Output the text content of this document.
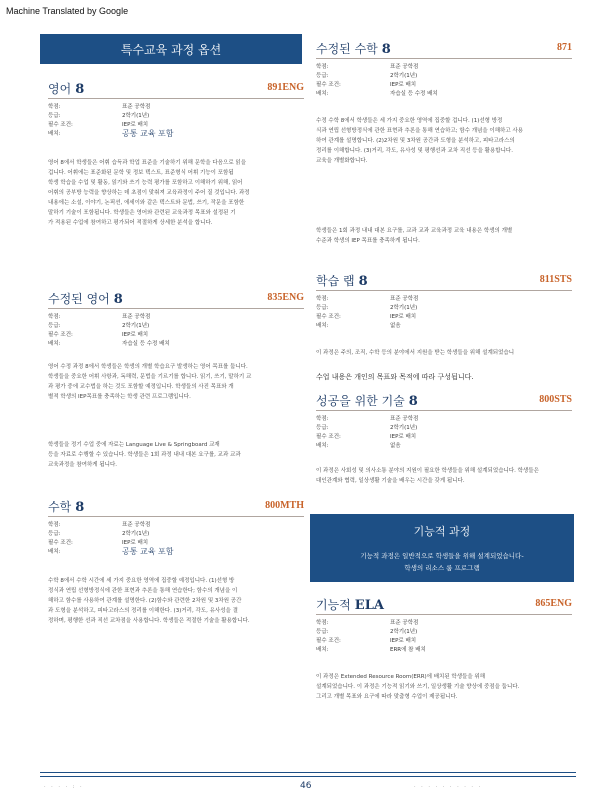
Machine Translated by Google
특수교육 과정 옵션
영어 8	891ENG
학점:	표준 공학점
등급:	2학기(1년)
필수 조건:	IEP로 배치
배치:	공통 교육 포함

영어 8에서 학생들은 어휘 습득과 학업 표준을 기술하기 위해 문학을 다음으로 읽을

겁니다. 어휘에는 표준화된 문학 및 정보 텍스트, 표준형식 어휘 기능이 포함됩

학생 학습을 수업 및 활동, 읽기와 쓰기 능력 평가를 포함하고 이해하기 위해, 읽어

어휘의 공부방 능력을 향상하는 데 초점이 맞춰져 교육과정이 주어 질 것입니다. 과정

내용에는 소설, 이야기, 논픽션, 에세이와 같은 텍스트와 문법, 쓰기, 작문을 포함한

말하기 기술이 포함됩니다. 학생들은 영어와 관련된 교육과정 목표와 설정된 기

가 적용된 수업에 참여하고 평가되어 적절하게 상세한 분석을 합니다.

수정된 영어 8	835ENG
학점:	표준 공학점
등급:	2학기(1년)
필수 조건:	IEP로 배치
배치:	자습실 등 수정 배치

영어 수정 과정 8에서 학생들은 학생의 개별 학습요구 발생하는 영어 목표를 둡니다.

학생들을 중요한 어휘 사항과, 독해력, 문법을 기르기를 합니다. 읽기, 쓰기, 말하기 교

과 평가 중에 교수법을 하는 것도 포함할 예정입니다. 학생들의 사진 목표와 개

별적 학생의 IEP목표를 충족하는 학생 관련 프로그램입니다.

학생들을 정기 수업 중에 자료는 Language Live & Springboard 교재

등을 자료로 수행할 수 있습니다. 학생들은 1회 과정 내내 대본 요구를, 교과 교과

교육과정을 참여하게 됩니다.

수학 8	800MTH
학점:	표준 공학점
등급:	2학기(1년)
필수 조건:	IEP로 배치
배치:	공통 교육 포함

수학 8에서 수학 시간에 세 가지 중요한 영역에 집중할 예정입니다. (1)선형 방

정식과 연립 선형방정식에 관한 표현과 추론을 통해 연습한다; 함수의 개념을 이

해하고 함수를 사용하여 관계를 설명한다. (2)함수와 관련한 2차원 및 3차원 공간

과 도형을 분석하고, 피타고라스의 정리를 이해한다. (3)거리, 각도, 유사성을 결

정하며, 평행한 선과 직선 교차점을 사용합니다. 학생들은 적절한 기술을 활용합니다.

수정된 수학 8	871
학점:	표준 공학점
등급:	2학기(1년)
필수 조건:	IEP로 배치
배치:	자습실 등 수정 배치

수정 수학 8에서 학생들은 세 가지 중요한 영역에 집중할 겁니다. (1)선형 방정

식과 연립 선형방정식에 관한 표현과 추론을 통해 연습하고; 함수 개념을 이해하고 사용

하여 관계를 설명합니다. (2)2차원 및 3차원 공간과 도형을 분석하고, 피타고라스의

정리를 이해합니다. (3)거리, 각도, 유사성 및 평행선과 교차 직선 등을 활용합니다.

교육을 개별화합니다.

학생들은 1회 과정 내내 대본 요구를, 교과 교과 교육과정 교육 내용은 학생의 개별

수준과 학생의 IEP 목표를 충족하게 됩니다.

학습 랩 8	811STS
학점:	표준 공학점
등급:	2학기(1년)
필수 조건:	IEP로 배치
배치:	없음

이 과정은 주의, 조직, 수학 등의 분야에서 지원을 받는 학생들을 위해 설계되었습니

수업 내용은 개인의 목표와 목적에 따라 구성됩니다.
성공을 위한 기술 8	800STS
학점:	표준 공학점
등급:	2학기(1년)
필수 조건:	IEP로 배치
배치:	없음

이 과정은 사회성 및 의사소통 분야의 지원이 필요한 학생들을 위해 설계되었습니다. 학생들은

대인관계와 협력, 일상생활 기술을 배우는 시간을 갖게 됩니다.

기능적 과정
기능적 과정은 일반적으로 학생들을 위해 설계되었습니다-
학생의 리소스 룸 프로그램
기능적 ELA	865ENG
학점:	표준 공학점
등급:	2학기(1년)
필수 조건:	IEP로 배치
배치:	ERR에 참 배치

이 과정은 Extended Resource Room(ERR)에 배치된 학생들을 위해

설계되었습니다. 이 과정은 기능적 읽기와 쓰기, 일상생활 기술 향상에 중점을 둡니다.

그리고 개별 목표와 요구에 따라 맞춤형 수업이 제공됩니다.

· · · · : ·	46	· · · · · · · · · ·
